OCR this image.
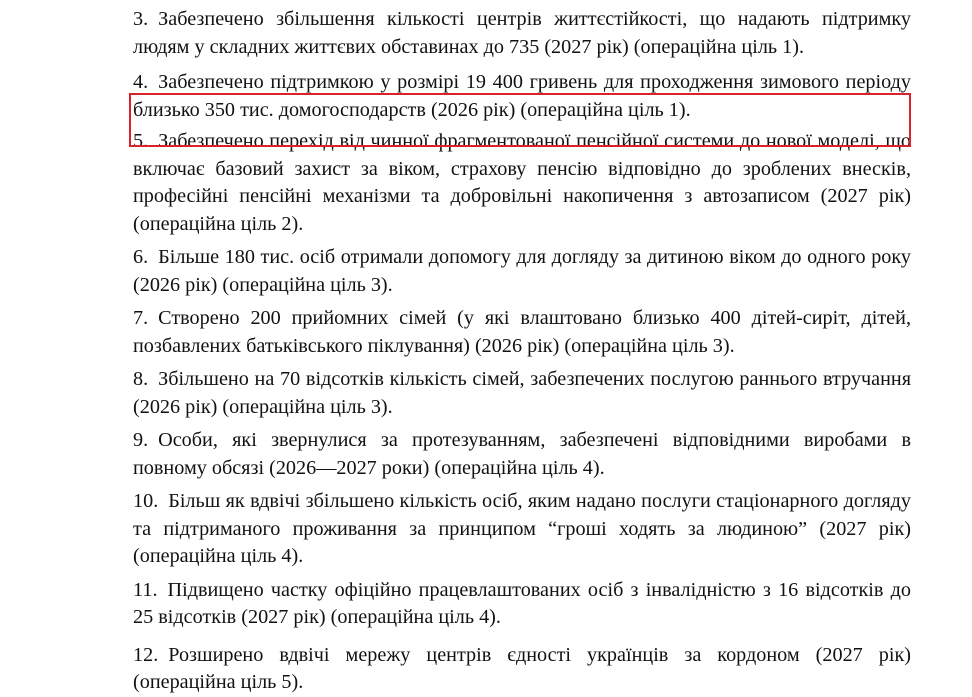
3. Забезпечено збільшення кількості центрів життєстійкості, що надають підтримку людям у складних життєвих обставинах до 735 (2027 рік) (операційна ціль 1).

4. Забезпечено підтримкою у розмірі 19 400 гривень для проходження зимового періоду близько 350 тис. домогосподарств (2026 рік) (операційна ціль 1).

5. Забезпечено перехід від чинної фрагментованої пенсійної системи до нової моделі, що включає базовий захист за віком, страхову пенсію відповідно до зроблених внесків, професійні пенсійні механізми та добровільні накопичення з автозаписом (2027 рік) (операційна ціль 2).

6. Більше 180 тис. осіб отримали допомогу для догляду за дитиною віком до одного року (2026 рік) (операційна ціль 3).

7. Створено 200 прийомних сімей (у які влаштовано близько 400 дітей-сиріт, дітей, позбавлених батьківського піклування) (2026 рік) (операційна ціль 3).

8. Збільшено на 70 відсотків кількість сімей, забезпечених послугою раннього втручання (2026 рік) (операційна ціль 3).

9. Особи, які звернулися за протезуванням, забезпечені відповідними виробами в повному обсязі (2026—2027 роки) (операційна ціль 4).

10. Більш як вдвічі збільшено кількість осіб, яким надано послуги стаціонарного догляду та підтриманого проживання за принципом “гроші ходять за людиною” (2027 рік) (операційна ціль 4).

11. Підвищено частку офіційно працевлаштованих осіб з інвалідністю з 16 відсотків до 25 відсотків (2027 рік) (операційна ціль 4).

12. Розширено вдвічі мережу центрів єдності українців за кордоном (2027 рік) (операційна ціль 5).
